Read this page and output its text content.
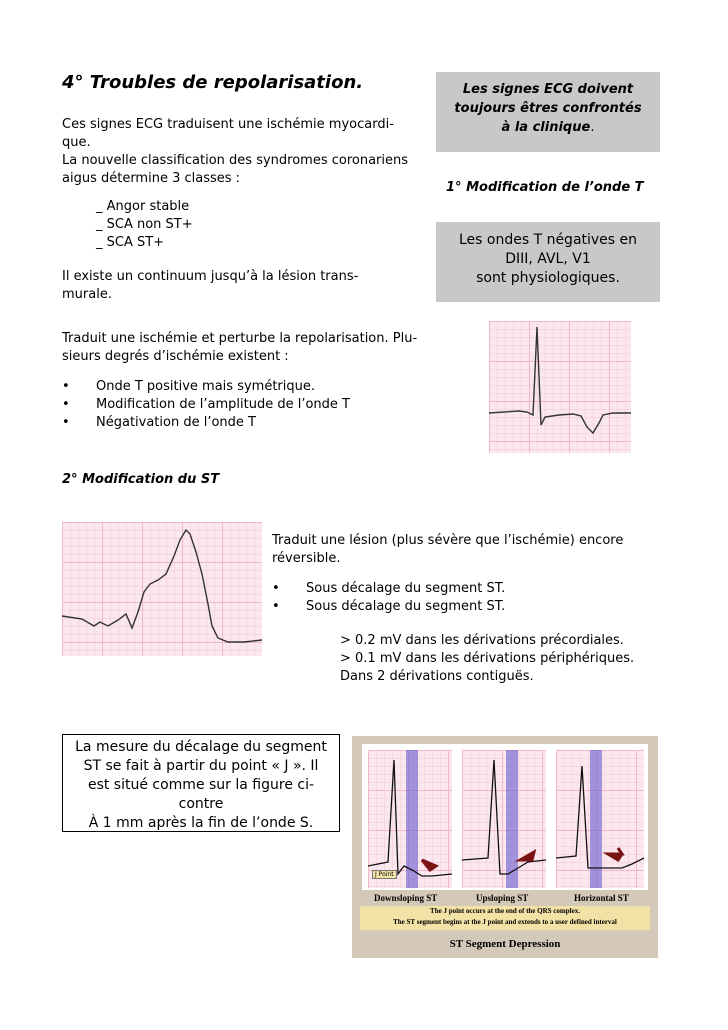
4° Troubles de repolarisation.
Ces signes ECG traduisent une ischémie myocardi-
que.
La nouvelle classification des syndromes coronariens
aigus détermine 3 classes :
_ Angor stable
_ SCA non ST+
_ SCA ST+
Il existe un continuum jusqu’à la lésion trans-
murale.
Traduit une ischémie et perturbe la repolarisation. Plu-
sieurs degrés d’ischémie existent :
• Onde T positive mais symétrique.
• Modification de l’amplitude de l’onde T
• Négativation de l’onde T
Les signes ECG doivent
toujours êtres confrontés
à la clinique.
1° Modification de l’onde T
Les ondes T négatives en
DIII, AVL, V1
sont physiologiques.
2° Modification du ST
Traduit une lésion (plus sévère que l’ischémie) encore
réversible.
• Sous décalage du segment ST.
• Sous décalage du segment ST.
> 0.2 mV dans les dérivations précordiales.
> 0.1 mV dans les dérivations périphériques.
Dans 2 dérivations contiguës.
La mesure du décalage du segment
ST se fait à partir du point « J ». Il
est situé comme sur la figure ci-
contre
À 1 mm après la fin de l’onde S.
J Point
Downsloping ST	Upsloping ST	Horizontal ST
The J point occurs at the end of the QRS complex.
The ST segment begins at the J point and extends to a user defined interval
ST Segment Depression
